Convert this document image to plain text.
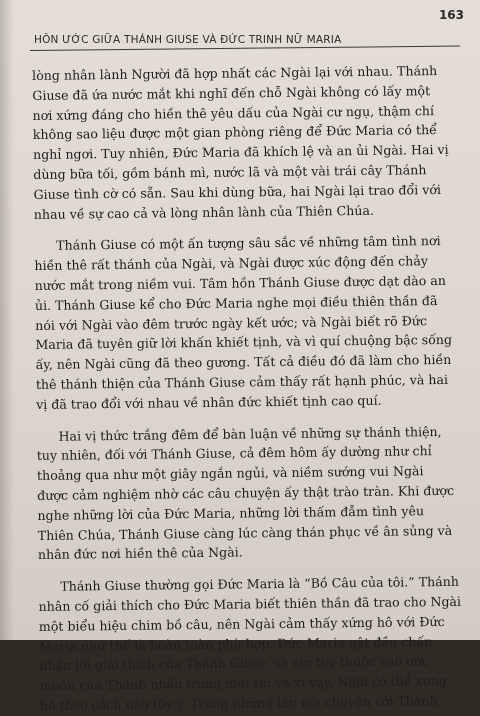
HÔN ƯỚC GIỮA THÁNH GIUSE VÀ ĐỨC TRINH NỮ MARIA
163
lòng nhân lành Người đã hợp nhất các Ngài lại với nhau. Thánh
Giuse đã ứa nước mắt khi nghĩ đến chỗ Ngài không có lấy một
nơi xứng đáng cho hiền thê yêu dấu của Ngài cư ngụ, thậm chí
không sao liệu được một gian phòng riêng để Đức Maria có thể
nghỉ ngơi. Tuy nhiên, Đức Maria đã khích lệ và an ủi Ngài. Hai vị
dùng bữa tối, gồm bánh mì, nước lã và một vài trái cây Thánh
Giuse tình cờ có sẵn. Sau khi dùng bữa, hai Ngài lại trao đổi với
nhau về sự cao cả và lòng nhân lành của Thiên Chúa.
Thánh Giuse có một ấn tượng sâu sắc về những tâm tình nơi
hiền thê rất thánh của Ngài, và Ngài được xúc động đến chảy
nước mắt trong niềm vui. Tâm hồn Thánh Giuse được dạt dào an
ủi. Thánh Giuse kể cho Đức Maria nghe mọi điều thiên thần đã
nói với Ngài vào đêm trước ngày kết ước; và Ngài biết rõ Đức
Maria đã tuyên giữ lời khấn khiết tịnh, và vì quí chuộng bậc sống
ấy, nên Ngài cũng đã theo gương. Tất cả điều đó đã làm cho hiền
thê thánh thiện của Thánh Giuse cảm thấy rất hạnh phúc, và hai
vị đã trao đổi với nhau về nhân đức khiết tịnh cao quí.
Hai vị thức trắng đêm để bàn luận về những sự thánh thiện,
tuy nhiên, đối với Thánh Giuse, cả đêm hôm ấy dường như chỉ
thoảng qua như một giây ngắn ngủi, và niềm sướng vui Ngài
được cảm nghiệm nhờ các câu chuyện ấy thật trào tràn. Khi được
nghe những lời của Đức Maria, những lời thấm đẫm tình yêu
Thiên Chúa, Thánh Giuse càng lúc càng thán phục về ân sủng và
nhân đức nơi hiền thê của Ngài.
Thánh Giuse thường gọi Đức Maria là “Bồ Câu của tôi.” Thánh
nhân cố giải thích cho Đức Maria biết thiên thần đã trao cho Ngài
một biểu hiệu chim bồ câu, nên Ngài cảm thấy xứng hô với Đức
Maria như thế là hoàn toàn phù hợp. Đức Maria gật đầu chấp
nhận lời giải thích của Thánh Giuse, và xin tùy thuộc vào ước
muốn của Thánh nhân trong mọi sự; và vì vậy, Ngài có thể xưng
hô theo cách nào tùy ý. Trong những lần nói chuyện với Thánh
